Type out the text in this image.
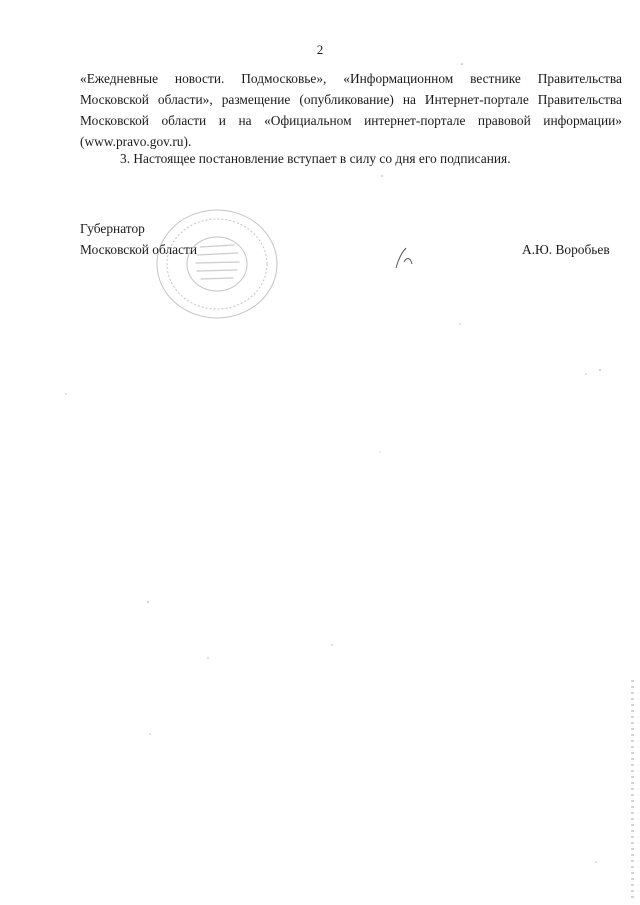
2

«Ежедневные новости. Подмосковье», «Информационном вестнике Правительства Московской области», размещение (опубликование) на Интернет-портале Правительства Московской области и на «Официальном интернет-портале правовой информации» (www.pravo.gov.ru).

3. Настоящее постановление вступает в силу со дня его подписания.

Губернатор
Московской области	А.Ю. Воробьев
